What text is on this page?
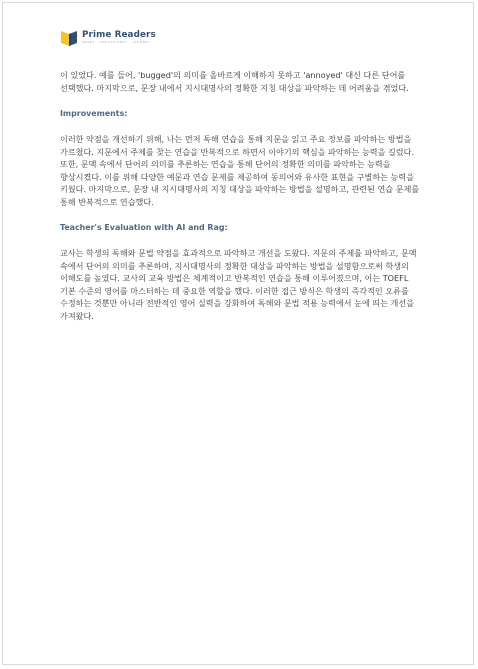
Prime Readers
SMART · EDUCATIONAL · JOURNEY

이 있었다. 예를 들어, 'bugged'의 의미를 올바르게 이해하지 못하고 'annoyed' 대신 다른 단어를 선택했다. 마지막으로, 문장 내에서 지시대명사의 정확한 지칭 대상을 파악하는 데 어려움을 겪었다.

Improvements:

이러한 약점을 개선하기 위해, 나는 먼저 독해 연습을 통해 지문을 읽고 주요 정보를 파악하는 방법을 가르쳤다. 지문에서 주제를 찾는 연습을 반복적으로 하면서 이야기의 핵심을 파악하는 능력을 길렀다. 또한, 문맥 속에서 단어의 의미를 추론하는 연습을 통해 단어의 정확한 의미를 파악하는 능력을 향상시켰다. 이를 위해 다양한 예문과 연습 문제를 제공하여 동의어와 유사한 표현을 구별하는 능력을 키웠다. 마지막으로, 문장 내 지시대명사의 지칭 대상을 파악하는 방법을 설명하고, 관련된 연습 문제를 통해 반복적으로 연습했다.

Teacher's Evaluation with AI and Rag:

교사는 학생의 독해와 문법 약점을 효과적으로 파악하고 개선을 도왔다. 지문의 주제를 파악하고, 문맥 속에서 단어의 의미를 추론하며, 지시대명사의 정확한 대상을 파악하는 방법을 설명함으로써 학생의 이해도를 높였다. 교사의 교육 방법은 체계적이고 반복적인 연습을 통해 이루어졌으며, 이는 TOEFL 기본 수준의 영어를 마스터하는 데 중요한 역할을 했다. 이러한 접근 방식은 학생의 즉각적인 오류를 수정하는 것뿐만 아니라 전반적인 영어 실력을 강화하여 독해와 문법 적용 능력에서 눈에 띄는 개선을 가져왔다.
